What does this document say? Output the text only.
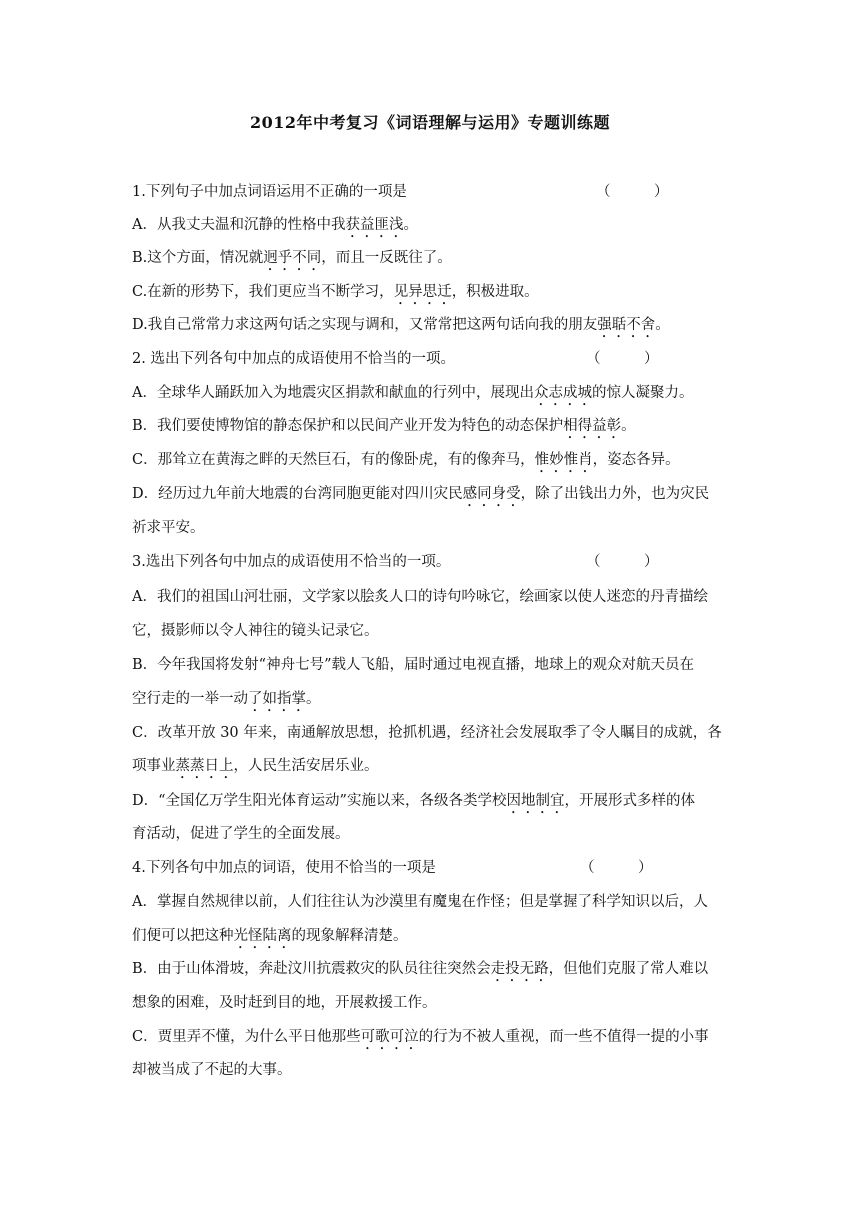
2012年中考复习《词语理解与运用》专题训练题
1.下列句子中加点词语运用不正确的一项是	（　　　）
A．从我丈夫温和沉静的性格中我获益匪浅。
B.这个方面，情况就迥乎不同，而且一反既往了。
C.在新的形势下，我们更应当不断学习，见异思迁，积极进取。
D.我自己常常力求这两句话之实现与调和，又常常把这两句话向我的朋友强聒不舍。
2. 选出下列各句中加点的成语使用不恰当的一项。	（　　　）
A．全球华人踊跃加入为地震灾区捐款和献血的行列中，展现出众志成城的惊人凝聚力。
B．我们要使博物馆的静态保护和以民间产业开发为特色的动态保护相得益彰。
C．那耸立在黄海之畔的天然巨石，有的像卧虎，有的像奔马，惟妙惟肖，姿态各异。
D．经历过九年前大地震的台湾同胞更能对四川灾民感同身受，除了出钱出力外，也为灾民
祈求平安。
3.选出下列各句中加点的成语使用不恰当的一项。	（　　　）
A．我们的祖国山河壮丽，文学家以脍炙人口的诗句吟咏它，绘画家以使人迷恋的丹青描绘
它，摄影师以令人神往的镜头记录它。
B．今年我国将发射“神舟七号”载人飞船，届时通过电视直播，地球上的观众对航天员在
空行走的一举一动了如指掌。
C．改革开放 30 年来，南通解放思想，抢抓机遇，经济社会发展取季了令人瞩目的成就，各
项事业蒸蒸日上，人民生活安居乐业。
D．“全国亿万学生阳光体育运动”实施以来，各级各类学校因地制宜，开展形式多样的体
育活动，促进了学生的全面发展。
4.下列各句中加点的词语，使用不恰当的一项是	（　　　）
A．掌握自然规律以前，人们往往认为沙漠里有魔鬼在作怪；但是掌握了科学知识以后，人
们便可以把这种光怪陆离的现象解释清楚。
B．由于山体滑坡，奔赴汶川抗震救灾的队员往往突然会走投无路，但他们克服了常人难以
想象的困难，及时赶到目的地，开展救援工作。
C．贾里弄不懂，为什么平日他那些可歌可泣的行为不被人重视，而一些不值得一提的小事
却被当成了不起的大事。
